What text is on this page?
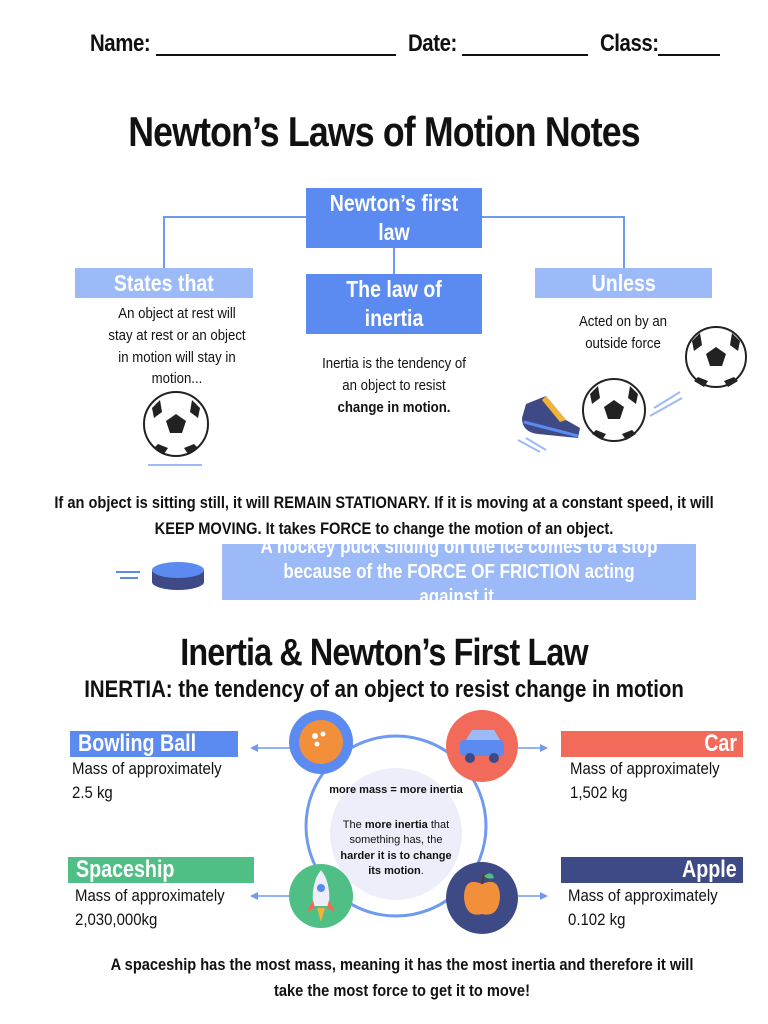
Name:	Date:	Class:
Newton’s Laws of Motion Notes
Newton’s first law
States that	The law of inertia
Unless
An object at rest will stay at rest or an object in motion will stay in motion...
Inertia is the tendency of an object to resist
change in motion.
Acted on by an outside force
If an object is sitting still, it will REMAIN STATIONARY. If it is moving at a constant speed, it will
KEEP MOVING. It takes FORCE to change the motion of an object.
A hockey puck sliding on the ice comes to a stop because of the FORCE OF FRICTION acting against it.
Inertia & Newton’s First Law
INERTIA: the tendency of an object to resist change in motion
more mass = more inertia
The more inertia that something has, the harder it is to change its motion.
Bowling Ball
Mass of approximately 2.5 kg
Car
Mass of approximately 1,502 kg
Spaceship
Mass of approximately 2,030,000kg
Apple
Mass of approximately 0.102 kg
A spaceship has the most mass, meaning it has the most inertia and therefore it will take the most force to get it to move!
